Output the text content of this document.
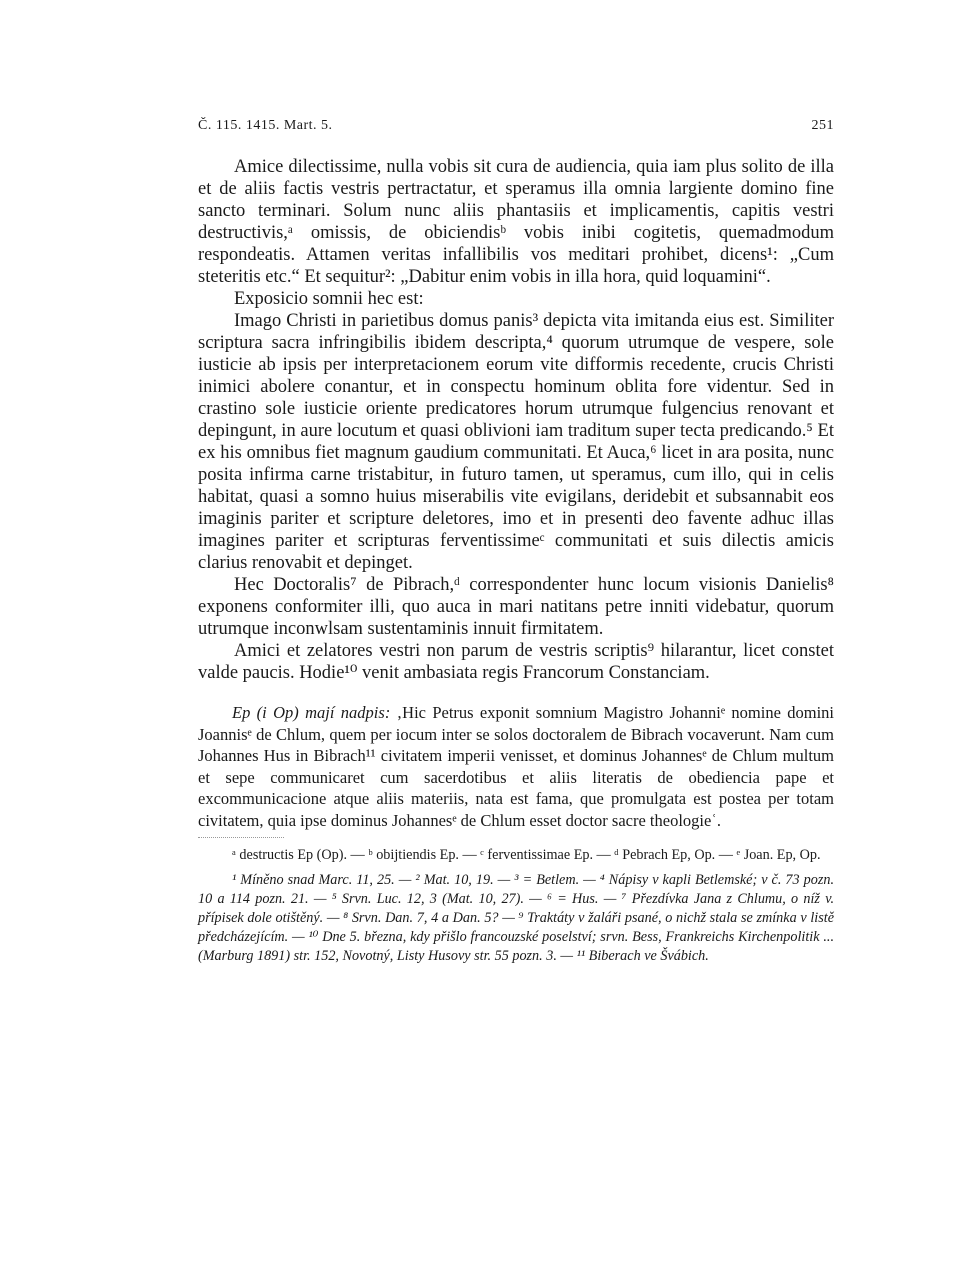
Č. 115. 1415. Mart. 5.	251

Amice dilectissime, nulla vobis sit cura de audiencia, quia iam plus solito de illa et de aliis factis vestris pertractatur, et speramus illa omnia largiente domino fine sancto terminari. Solum nunc aliis phantasiis et implicamentis, capitis vestri destructivis,ᵃ omissis, de obiciendisᵇ vobis inibi cogitetis, quemadmodum respondeatis. Attamen veritas infallibilis vos meditari prohibet, dicens¹: „Cum steteritis etc.“ Et sequitur²: „Dabitur enim vobis in illa hora, quid loquamini“.

Exposicio somnii hec est:

Imago Christi in parietibus domus panis³ depicta vita imitanda eius est. Similiter scriptura sacra infringibilis ibidem descripta,⁴ quorum utrumque de vespere, sole iusticie ab ipsis per interpretacionem eorum vite difformis recedente, crucis Christi inimici abolere conantur, et in conspectu hominum oblita fore videntur. Sed in crastino sole iusticie oriente predicatores horum utrumque fulgencius renovant et depingunt, in aure locutum et quasi oblivioni iam traditum super tecta predicando.⁵ Et ex his omnibus fiet magnum gaudium communitati. Et Auca,⁶ licet in ara posita, nunc posita infirma carne tristabitur, in futuro tamen, ut speramus, cum illo, qui in celis habitat, quasi a somno huius miserabilis vite evigilans, deridebit et subsannabit eos imaginis pariter et scripture deletores, imo et in presenti deo favente adhuc illas imagines pariter et scripturas ferventissimeᶜ communitati et suis dilectis amicis clarius renovabit et depinget.

Hec Doctoralis⁷ de Pibrach,ᵈ correspondenter hunc locum visionis Danielis⁸ exponens conformiter illi, quo auca in mari natitans petre inniti videbatur, quorum utrumque inconwlsam sustentaminis innuit firmitatem.

Amici et zelatores vestri non parum de vestris scriptis⁹ hilarantur, licet constet valde paucis. Hodie¹⁰ venit ambasiata regis Francorum Constanciam.

Ep (i Op) mají nadpis: ‚Hic Petrus exponit somnium Magistro Johanniᵉ nomine domini Joannisᵉ de Chlum, quem per iocum inter se solos doctoralem de Bibrach vocaverunt. Nam cum Johannes Hus in Bibrach¹¹ civitatem imperii venisset, et dominus Johannesᵉ de Chlum multum et sepe communicaret cum sacerdotibus et aliis literatis de obediencia pape et excommunicacione atque aliis materiis, nata est fama, que promulgata est postea per totam civitatem, quia ipse dominus Johannesᵉ de Chlum esset doctor sacre theologieʿ.

ᵃ destructis Ep (Op). — ᵇ obijtiendis Ep. — ᶜ ferventissimae Ep. — ᵈ Pebrach Ep, Op. — ᵉ Joan. Ep, Op.

¹ Míněno snad Marc. 11, 25. — ² Mat. 10, 19. — ³ = Betlem. — ⁴ Nápisy v kapli Betlemské; v č. 73 pozn. 10 a 114 pozn. 21. — ⁵ Srvn. Luc. 12, 3 (Mat. 10, 27). — ⁶ = Hus. — ⁷ Přezdívka Jana z Chlumu, o níž v. přípisek dole otištěný. — ⁸ Srvn. Dan. 7, 4 a Dan. 5? — ⁹ Traktáty v žaláři psané, o nichž stala se zmínka v listě předcházejícím. — ¹⁰ Dne 5. března, kdy přišlo francouzské poselství; srvn. Bess, Frankreichs Kirchenpolitik ... (Marburg 1891) str. 152, Novotný, Listy Husovy str. 55 pozn. 3. — ¹¹ Biberach ve Švábich.
